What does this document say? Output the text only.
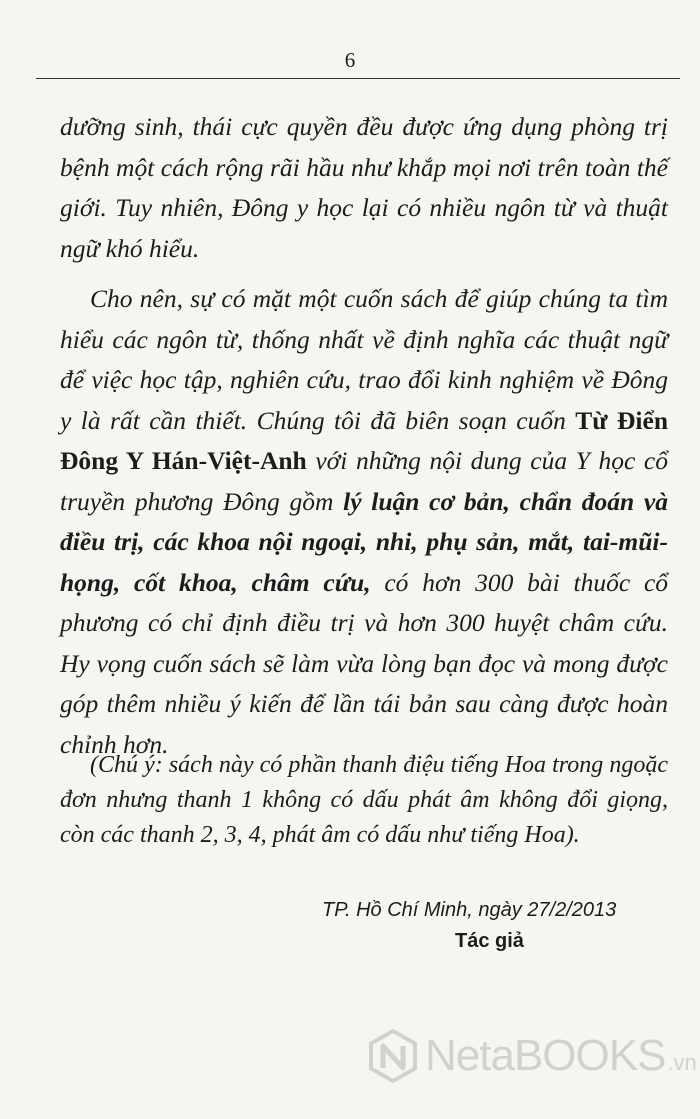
6

dưỡng sinh, thái cực quyền đều được ứng dụng phòng trị bệnh một cách rộng rãi hầu như khắp mọi nơi trên toàn thế giới. Tuy nhiên, Đông y học lại có nhiều ngôn từ và thuật ngữ khó hiểu.

Cho nên, sự có mặt một cuốn sách để giúp chúng ta tìm hiểu các ngôn từ, thống nhất về định nghĩa các thuật ngữ để việc học tập, nghiên cứu, trao đổi kinh nghiệm về Đông y là rất cần thiết. Chúng tôi đã biên soạn cuốn Từ Điển Đông Y Hán-Việt-Anh với những nội dung của Y học cổ truyền phương Đông gồm lý luận cơ bản, chẩn đoán và điều trị, các khoa nội ngoại, nhi, phụ sản, mắt, tai-mũi-họng, cốt khoa, châm cứu, có hơn 300 bài thuốc cổ phương có chỉ định điều trị và hơn 300 huyệt châm cứu. Hy vọng cuốn sách sẽ làm vừa lòng bạn đọc và mong được góp thêm nhiều ý kiến để lần tái bản sau càng được hoàn chỉnh hơn.

(Chú ý: sách này có phần thanh điệu tiếng Hoa trong ngoặc đơn nhưng thanh 1 không có dấu phát âm không đổi giọng, còn các thanh 2, 3, 4, phát âm có dấu như tiếng Hoa).

TP. Hồ Chí Minh, ngày 27/2/2013
Tác giả
NetaBOOKS .vn
